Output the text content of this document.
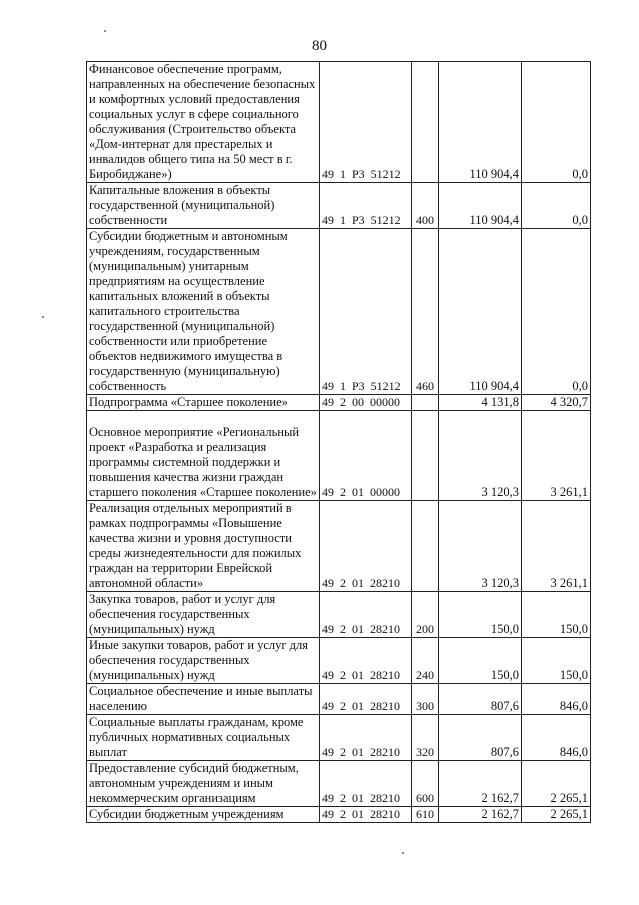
80
Финансовое обеспечение программ, направленных на обеспечение безопасных и комфортных условий предоставления социальных услуг в сфере социального обслуживания (Строительство объекта «Дом-интернат для престарелых и инвалидов общего типа на 50 мест в г. Биробиджане»)	49  1  P3  51212		110 904,4	0,0
Капитальные вложения в объекты государственной (муниципальной) собственности	49  1  P3  51212	400	110 904,4	0,0
Субсидии бюджетным и автономным учреждениям, государственным (муниципальным) унитарным предприятиям на осуществление капитальных вложений в объекты капитального строительства государственной (муниципальной) собственности или приобретение объектов недвижимого имущества в государственную (муниципальную) собственность	49  1  P3  51212	460	110 904,4	0,0
Подпрограмма «Старшее поколение»	49  2  00  00000		4 131,8	4 320,7
Основное мероприятие «Региональный проект «Разработка и реализация программы системной поддержки и повышения качества жизни граждан старшего поколения «Старшее поколение»	49  2  01  00000		3 120,3	3 261,1
Реализация отдельных мероприятий в рамках подпрограммы «Повышение качества жизни и уровня доступности среды жизнедеятельности для пожилых граждан на территории Еврейской автономной области»	49  2  01  28210		3 120,3	3 261,1
Закупка товаров, работ и услуг для обеспечения государственных (муниципальных) нужд	49  2  01  28210	200	150,0	150,0
Иные закупки товаров, работ и услуг для обеспечения государственных (муниципальных) нужд	49  2  01  28210	240	150,0	150,0
Социальное обеспечение и иные выплаты населению	49  2  01  28210	300	807,6	846,0
Социальные выплаты гражданам, кроме публичных нормативных социальных выплат	49  2  01  28210	320	807,6	846,0
Предоставление субсидий бюджетным, автономным учреждениям и иным некоммерческим организациям	49  2  01  28210	600	2 162,7	2 265,1
Субсидии бюджетным учреждениям	49  2  01  28210	610	2 162,7	2 265,1
